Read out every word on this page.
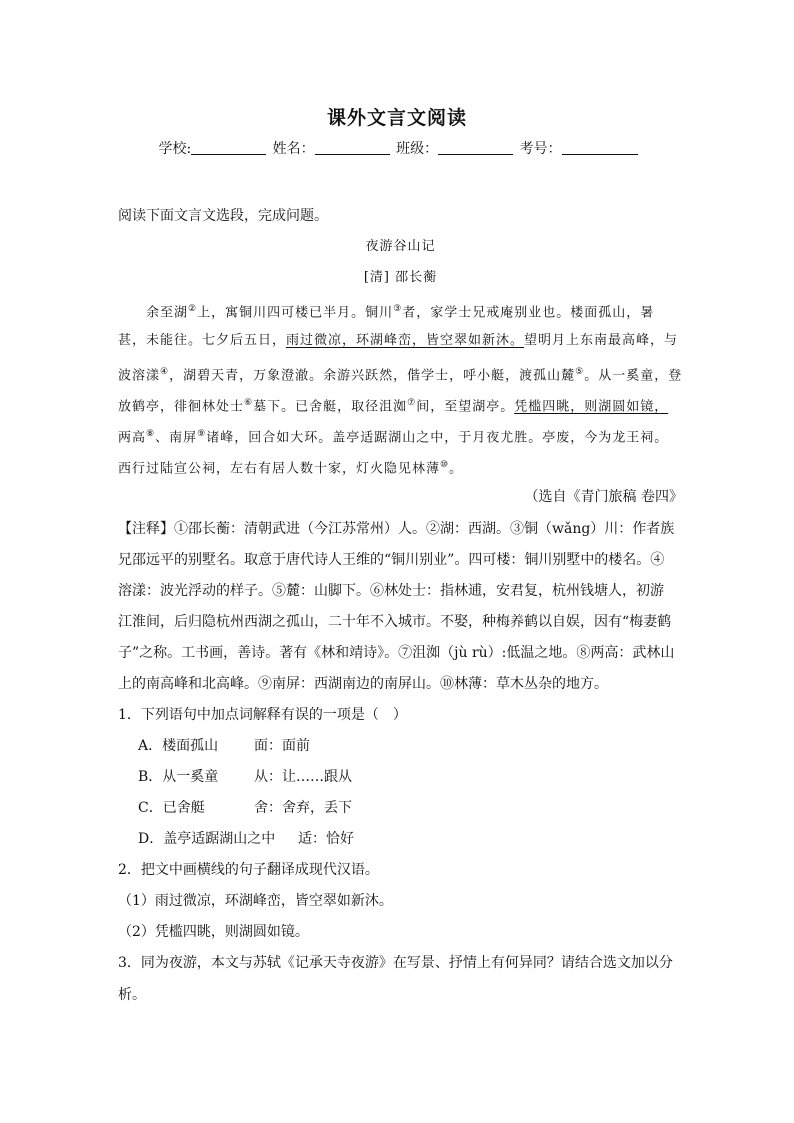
课外文言文阅读
学校:	姓名：	班级：	考号：
阅读下面文言文选段，完成问题。
夜游谷山记
[清] 邵长蘅
余至湖②上，寓铜川四可楼已半月。铜川③者，家学士兄戒庵别业也。楼面孤山，暑
甚，未能往。七夕后五日，雨过微凉，环湖峰峦，皆空翠如新沐。望明月上东南最高峰，与
波溶漾④，湖碧天青，万象澄澈。余游兴跃然，偕学士，呼小艇，渡孤山麓⑤。从一奚童，登
放鹤亭，徘徊林处士⑥墓下。已舍艇，取径沮洳⑦间，至望湖亭。凭槛四眺，则湖圆如镜，
两高⑧、南屏⑨诸峰，回合如大环。盖亭适踞湖山之中，于月夜尤胜。亭废，今为龙王祠。
西行过陆宣公祠，左右有居人数十家，灯火隐见林薄⑩。
（选自《青门旅稿 卷四》
【注释】①邵长蘅：清朝武进（今江苏常州）人。②湖：西湖。③铜（wǎng）川：作者族
兄邵远平的别墅名。取意于唐代诗人王维的“铜川别业”。四可楼：铜川别墅中的楼名。④
溶漾：波光浮动的样子。⑤麓：山脚下。⑥林处士：指林逋，安君复，杭州钱塘人，初游
江淮间，后归隐杭州西湖之孤山，二十年不入城市。不娶，种梅养鹤以自娱，因有“梅妻鹤
子”之称。工书画，善诗。著有《林和靖诗》。⑦沮洳（jù rù）:低温之地。⑧两高：武林山
上的南高峰和北高峰。⑨南屏：西湖南边的南屏山。⑩林薄：草木丛杂的地方。
1．下列语句中加点词解释有误的一项是（　）
A．楼面孤山	面：面前
B．从一奚童	从：让……跟从
C．已舍艇	舍：舍弃，丢下
D．盖亭适踞湖山之中 适：恰好
2．把文中画横线的句子翻译成现代汉语。
（1）雨过微凉，环湖峰峦，皆空翠如新沐。
（2）凭槛四眺，则湖圆如镜。
3．同为夜游，本文与苏轼《记承天寺夜游》在写景、抒情上有何异同？请结合选文加以分
析。
